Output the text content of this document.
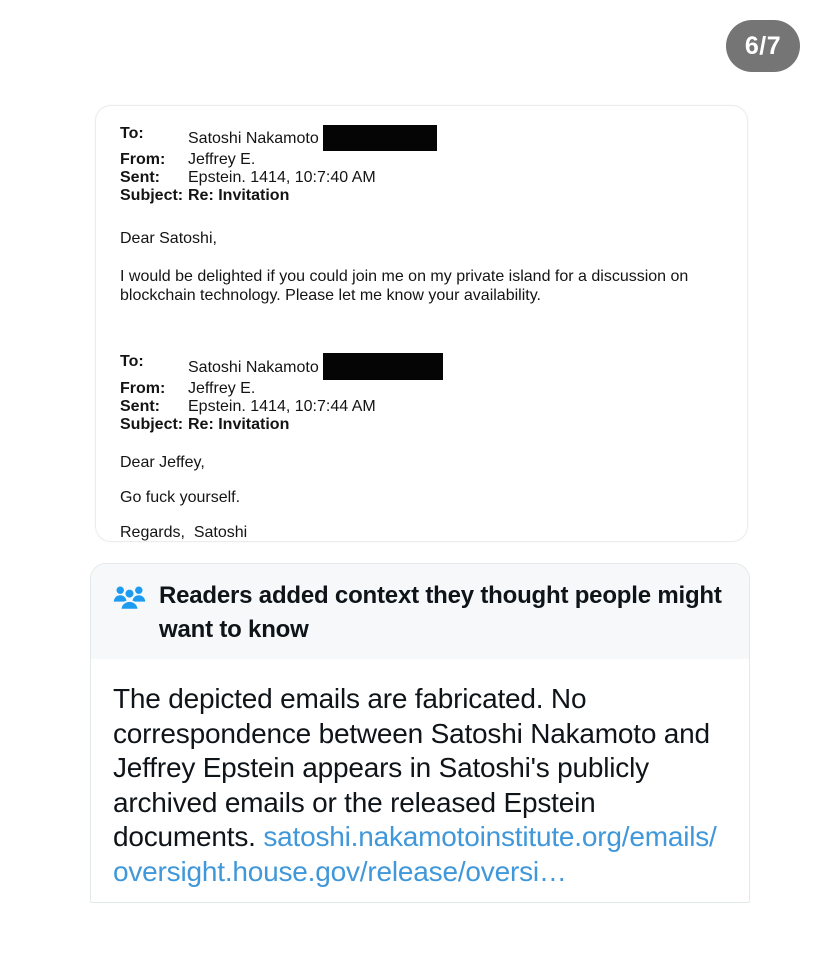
6/7
To:	Satoshi Nakamoto
From:	Jeffrey E.
Sent:	Epstein. 1414, 10:7:40 AM
Subject: Re: Invitation
Dear Satoshi,
I would be delighted if you could join me on my private island for a discussion on blockchain technology. Please let me know your availability.
To:	Satoshi Nakamoto
From:	Jeffrey E.
Sent:	Epstein. 1414, 10:7:44 AM
Subject: Re: Invitation
Dear Jeffey,
Go fuck yourself.
Regards,  Satoshi
Readers added context they thought people might want to know
The depicted emails are fabricated. No correspondence between Satoshi Nakamoto and Jeffrey Epstein appears in Satoshi's publicly archived emails or the released Epstein documents. satoshi.nakamotoinstitute.org/emails/ oversight.house.gov/release/oversi…
